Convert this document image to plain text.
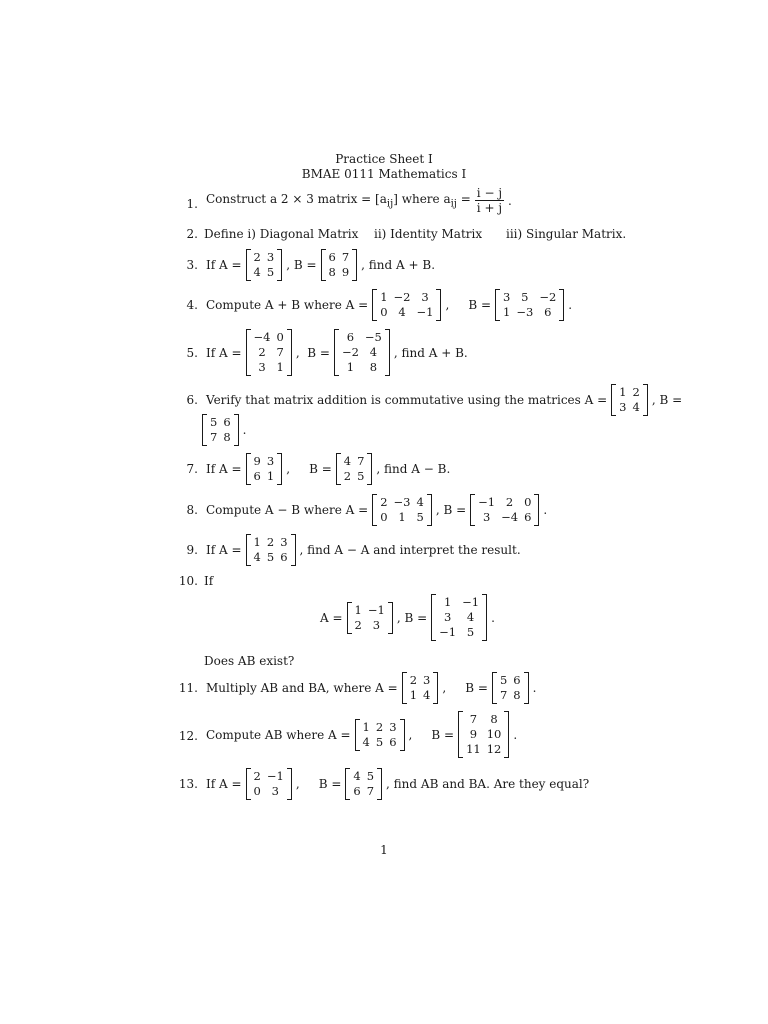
Practice Sheet I
BMAE 0111 Mathematics I
1. Construct a 2 × 3 matrix = $[a_{ij}]$ where $a_{ij} = \frac{i - j}{i + j}$ .
2. Define i) Diagonal Matrix ii) Identity Matrix iii) Singular Matrix.
3. If A =
2	3
4	5 , B =
6	7
8	9 , find A + B.
4. Compute A + B where A =
1	−2	3
0	4	−1 ,     B =
3	5	−2
1	−3	6 .
5. If A =
−4	0
2	7
3	1
,  B =
6	−5
−2	4
1	8
, find A + B.
6. Verify that matrix addition is commutative using the matrices A =
1	2
3	4 , B =
5	6
7	8 .
7. If A =
9	3
6	1 ,     B =
4	7
2	5 , find A − B.
8. Compute A − B where A =
2	−3	4
0	1	5 , B =
−1	2	0
3	−4	6 .
9. If A =
1	2	3
4	5	6 , find A − A and interpret the result.
10. If
A =
1	−1
2	3 , B =
1	−1
3	4
−1	5
.
Does AB exist?
11. Multiply AB and BA, where A =
2	3
1	4 ,     B =
5	6
7	8 .
12. Compute AB where A =
1	2	3
4	5	6 ,     B =
7	8
9	10
11	12
.
13. If A =
2	−1
0	3 ,     B =
4	5
6	7 , find AB and BA. Are they equal?
1
